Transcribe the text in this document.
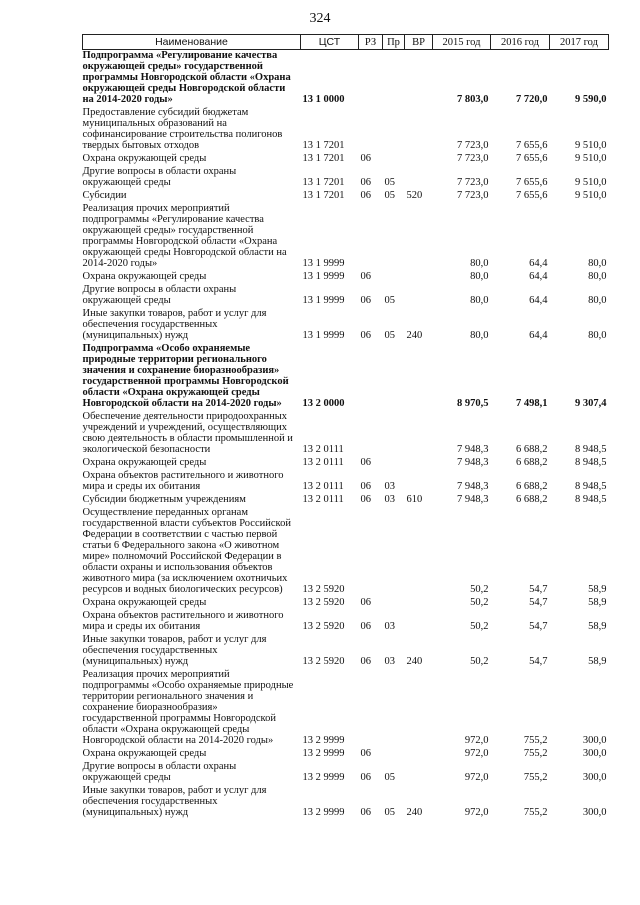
324
Наименование	ЦСТ	РЗ	Пр	ВР	2015 год	2016 год	2017 год
Подпрограмма «Регулирование качества окружающей среды» государственной программы Новгородской области «Охрана окружающей среды Новгородской области на 2014-2020 годы»	13 1 0000				7 803,0	7 720,0	9 590,0
Предоставление субсидий бюджетам муниципальных образований на софинансирование строительства полигонов твердых бытовых отходов	13 1 7201				7 723,0	7 655,6	9 510,0
Охрана окружающей среды	13 1 7201	06			7 723,0	7 655,6	9 510,0
Другие вопросы в области охраны окружающей среды	13 1 7201	06	05		7 723,0	7 655,6	9 510,0
Субсидии	13 1 7201	06	05	520	7 723,0	7 655,6	9 510,0
Реализация прочих мероприятий подпрограммы «Регулирование качества окружающей среды» государственной программы Новгородской области «Охрана окружающей среды Новгородской области на 2014-2020 годы»	13 1 9999				80,0	64,4	80,0
Охрана окружающей среды	13 1 9999	06			80,0	64,4	80,0
Другие вопросы в области охраны окружающей среды	13 1 9999	06	05		80,0	64,4	80,0
Иные закупки товаров, работ и услуг для обеспечения государственных (муниципальных) нужд	13 1 9999	06	05	240	80,0	64,4	80,0
Подпрограмма «Особо охраняемые природные территории регионального значения и сохранение биоразнообразия» государственной программы Новгородской области «Охрана окружающей среды Новгородской области на 2014-2020 годы»	13 2 0000				8 970,5	7 498,1	9 307,4
Обеспечение деятельности природоохранных учреждений и учреждений, осуществляющих свою деятельность в области промышленной и экологической безопасности	13 2 0111				7 948,3	6 688,2	8 948,5
Охрана окружающей среды	13 2 0111	06			7 948,3	6 688,2	8 948,5
Охрана объектов растительного и животного мира и среды их обитания	13 2 0111	06	03		7 948,3	6 688,2	8 948,5
Субсидии бюджетным учреждениям	13 2 0111	06	03	610	7 948,3	6 688,2	8 948,5
Осуществление переданных органам государственной власти субъектов Российской Федерации в соответствии с частью первой статьи 6 Федерального закона «О животном мире» полномочий Российской Федерации в области охраны и использования объектов животного мира (за исключением охотничьих ресурсов и водных биологических ресурсов)	13 2 5920				50,2	54,7	58,9
Охрана окружающей среды	13 2 5920	06			50,2	54,7	58,9
Охрана объектов растительного и животного мира и среды их обитания	13 2 5920	06	03		50,2	54,7	58,9
Иные закупки товаров, работ и услуг для обеспечения государственных (муниципальных) нужд	13 2 5920	06	03	240	50,2	54,7	58,9
Реализация прочих мероприятий подпрограммы «Особо охраняемые природные территории регионального значения и сохранение биоразнообразия» государственной программы Новгородской области «Охрана окружающей среды Новгородской области на 2014-2020 годы»	13 2 9999				972,0	755,2	300,0
Охрана окружающей среды	13 2 9999	06			972,0	755,2	300,0
Другие вопросы в области охраны окружающей среды	13 2 9999	06	05		972,0	755,2	300,0
Иные закупки товаров, работ и услуг для обеспечения государственных (муниципальных) нужд	13 2 9999	06	05	240	972,0	755,2	300,0
